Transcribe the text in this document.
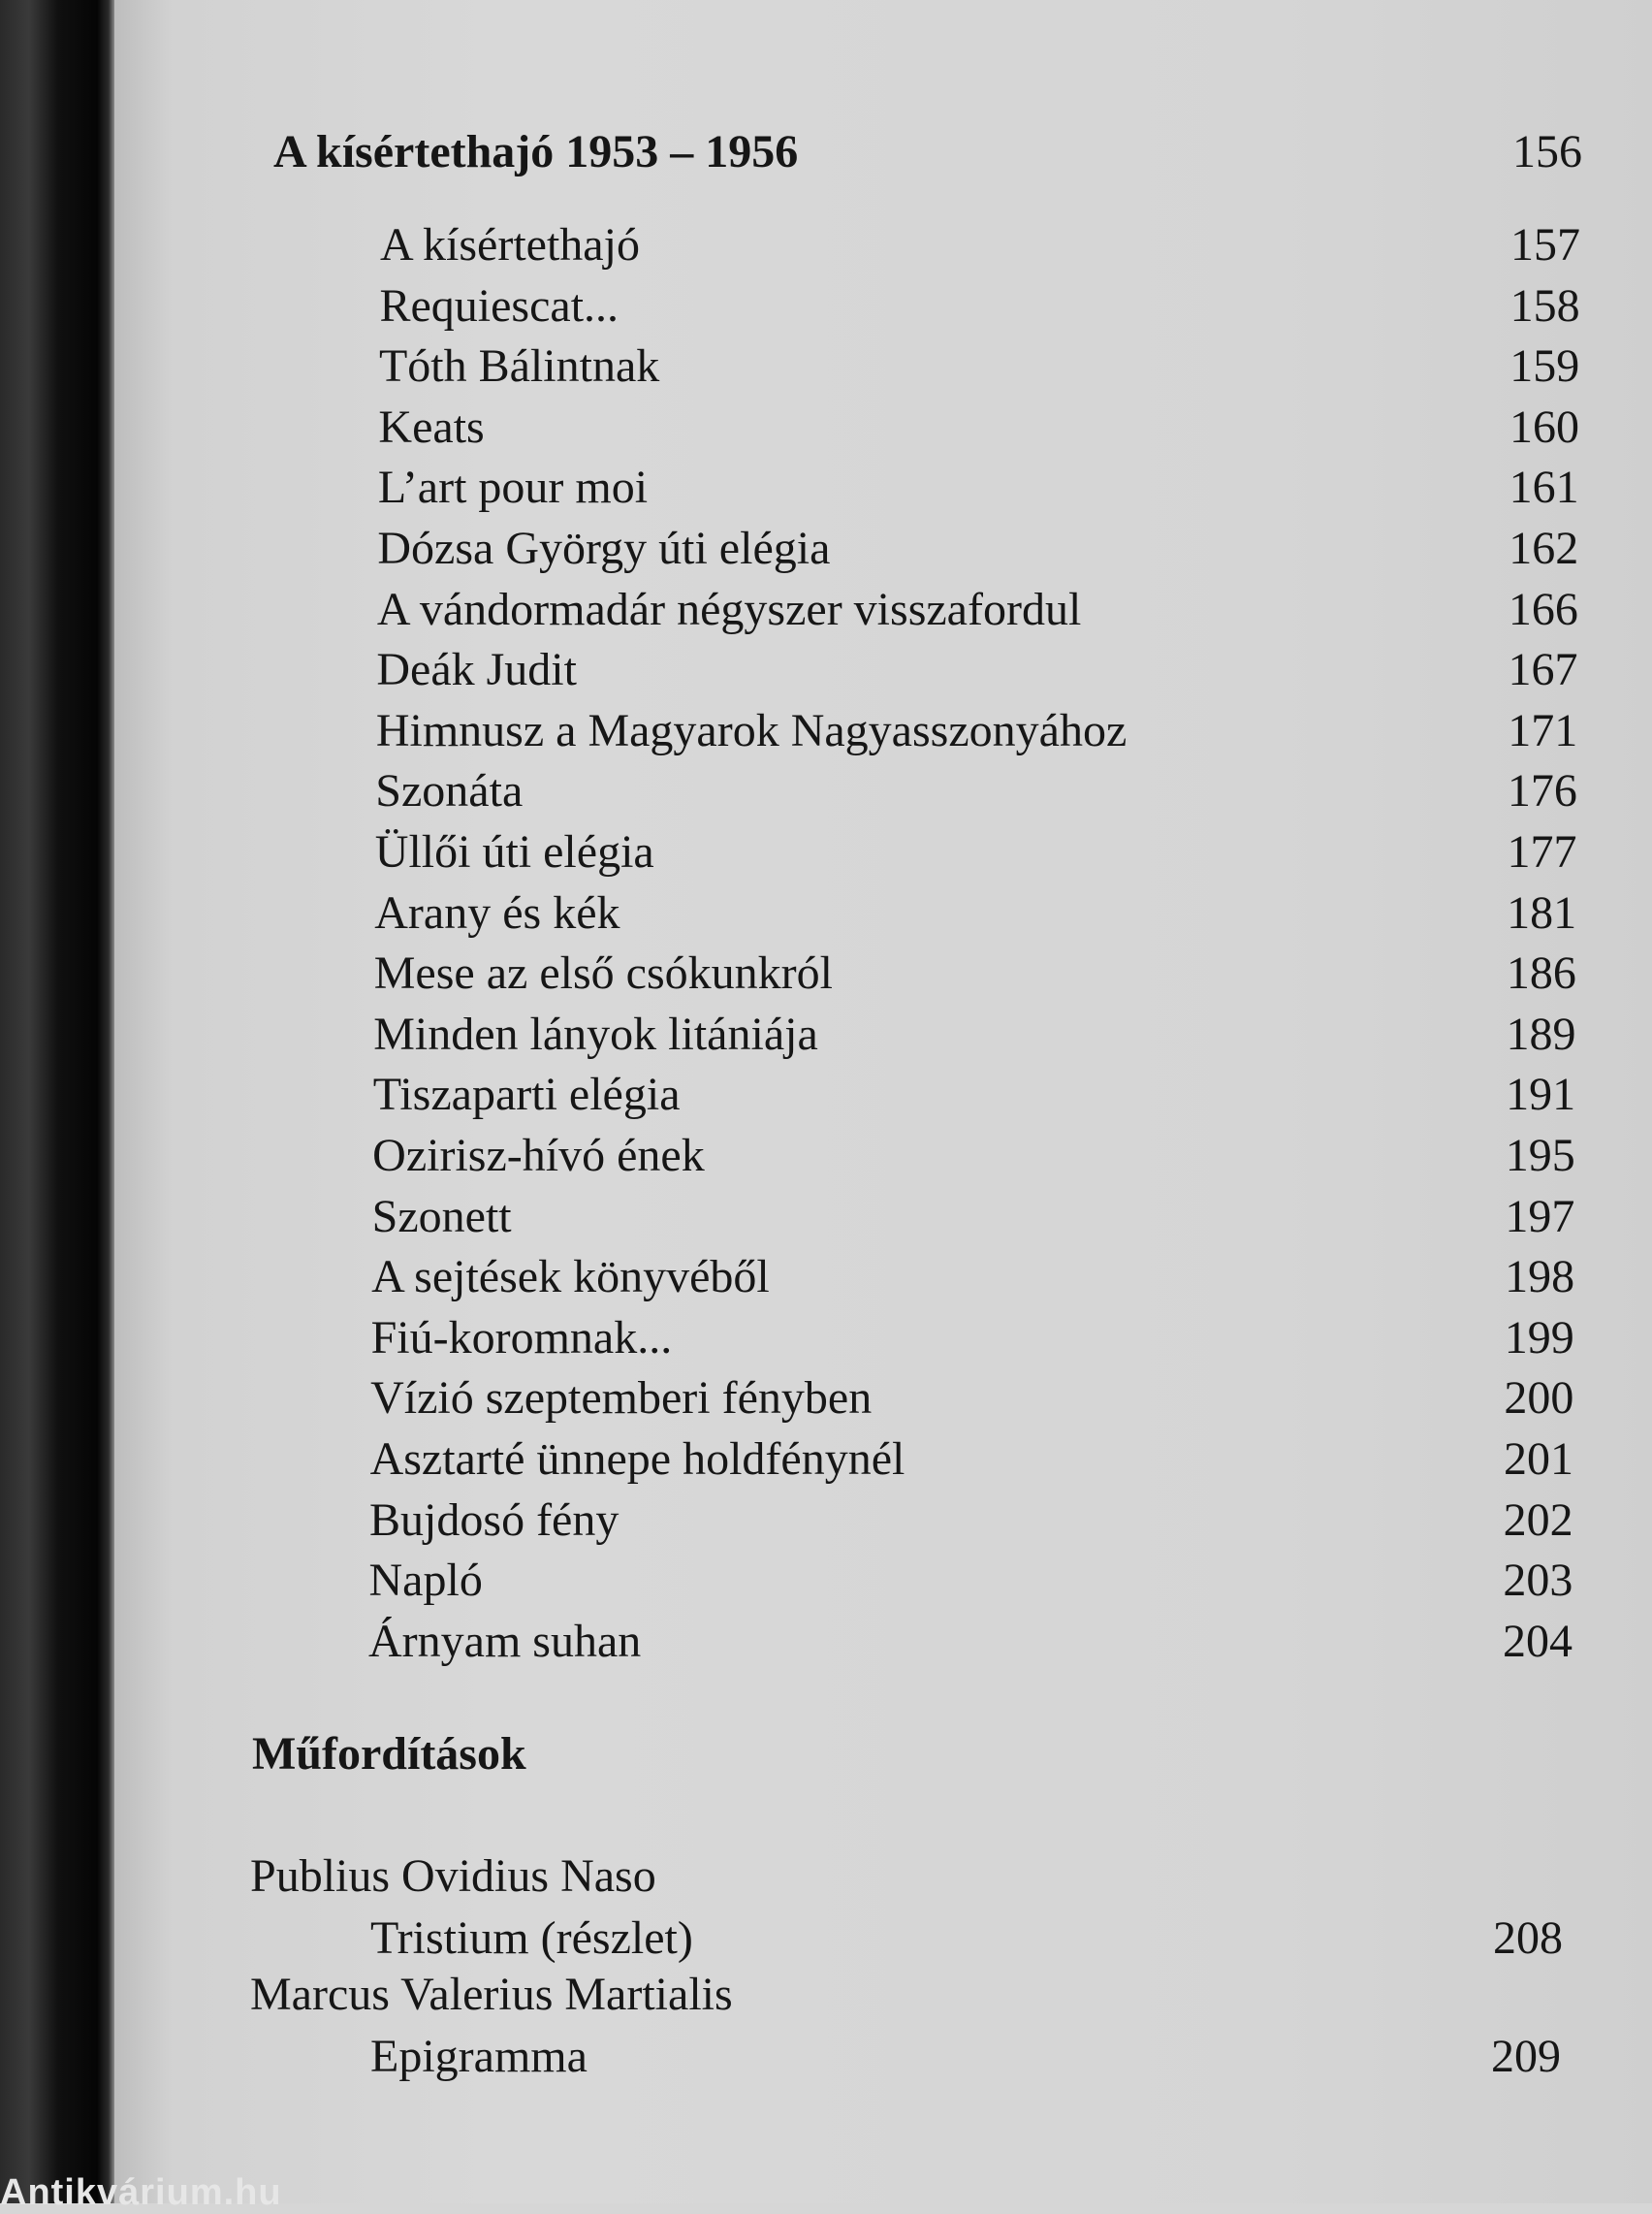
A kísértethajó 1953 – 1956	156
A kísértethajó	157
Requiescat...	158
Tóth Bálintnak	159
Keats	160
L’art pour moi	161
Dózsa György úti elégia	162
A vándormadár négyszer visszafordul	166
Deák Judit	167
Himnusz a Magyarok Nagyasszonyához	171
Szonáta	176
Üllői úti elégia	177
Arany és kék	181
Mese az első csókunkról	186
Minden lányok litániája	189
Tiszaparti elégia	191
Ozirisz-hívó ének	195
Szonett	197
A sejtések könyvéből	198
Fiú-koromnak...	199
Vízió szeptemberi fényben	200
Asztarté ünnepe holdfénynél	201
Bujdosó fény	202
Napló	203
Árnyam suhan	204
Műfordítások
Publius Ovidius Naso
Tristium (részlet)	208
Marcus Valerius Martialis
Epigramma	209
Antikvárium.hu
